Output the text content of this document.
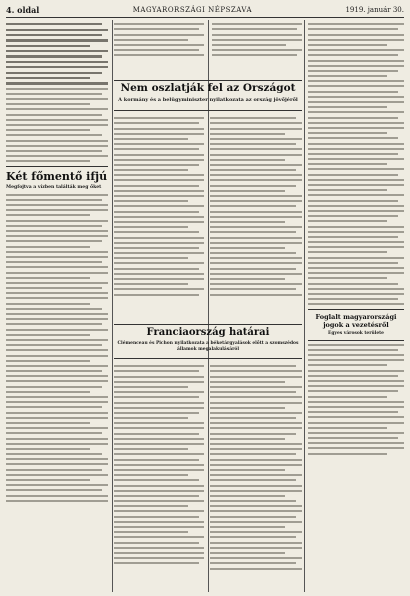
4. oldal	MAGYARORSZÁGI NÉPSZAVA	1919. január 30.
Két főmentő ifjú
Megfojtva a vízben találták meg őket
Nem oszlatják fel az Országot
A kormány és a belügyminiszter nyilatkozata az ország jövőjéről
Franciaország határai
Clémenceau és Pichon nyilatkozata a béketárgyalások előtt a szomszédos államok megalakulásáról
Foglalt magyarországi jogok a vezetésről
Egyes városok területe
